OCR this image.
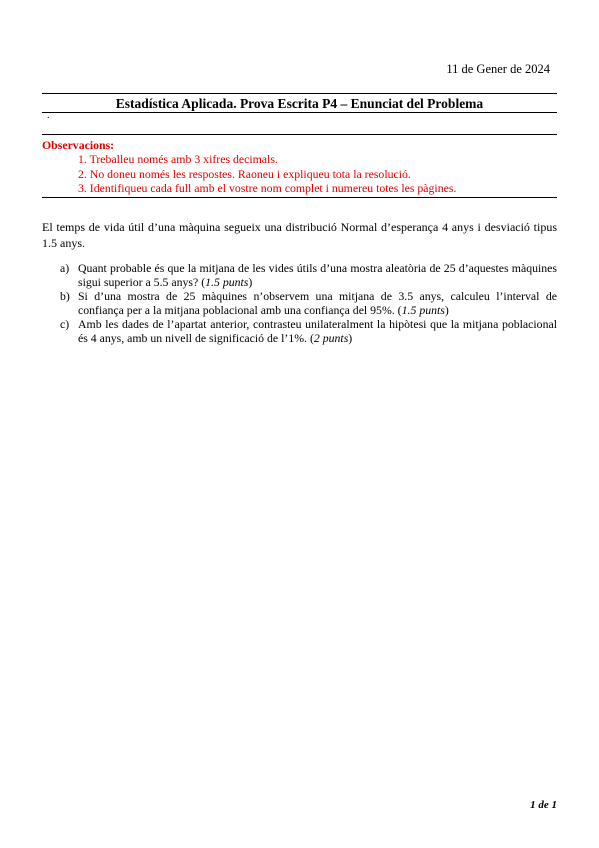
11 de Gener de 2024
Estadística Aplicada. Prova Escrita P4 – Enunciat del Problema
.
Observacions:
1. Treballeu només amb 3 xifres decimals.
2. No doneu només les respostes. Raoneu i expliqueu tota la resolució.
3. Identifiqueu cada full amb el vostre nom complet i numereu totes les pàgines.
El temps de vida útil d’una màquina segueix una distribució Normal d’esperança 4 anys i desviació tipus 1.5 anys.
a) Quant probable és que la mitjana de les vides útils d’una mostra aleatòria de 25 d’aquestes màquines sigui superior a 5.5 anys? (1.5 punts)
b) Si d’una mostra de 25 màquines n’observem una mitjana de 3.5 anys, calculeu l’interval de confiança per a la mitjana poblacional amb una confiança del 95%. (1.5 punts)
c) Amb les dades de l’apartat anterior, contrasteu unilateralment la hipòtesi que la mitjana poblacional és 4 anys, amb un nivell de significació de l’1%. (2 punts)
1 de 1
